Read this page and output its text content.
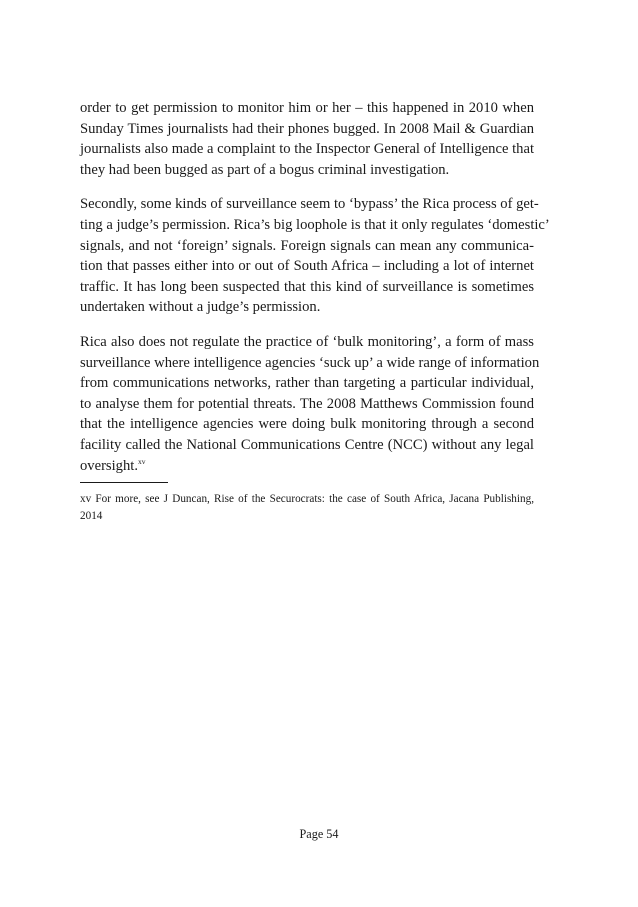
order to get permission to monitor him or her – this happened in 2010 when
Sunday Times journalists had their phones bugged. In 2008 Mail & Guardian
journalists also made a complaint to the Inspector General of Intelligence that
they had been bugged as part of a bogus criminal investigation.
Secondly, some kinds of surveillance seem to ‘bypass’ the Rica process of get-
ting a judge’s permission. Rica’s big loophole is that it only regulates ‘domestic’
signals, and not ‘foreign’ signals. Foreign signals can mean any communica-
tion that passes either into or out of South Africa – including a lot of internet
traffic. It has long been suspected that this kind of surveillance is sometimes
undertaken without a judge’s permission.
Rica also does not regulate the practice of ‘bulk monitoring’, a form of mass
surveillance where intelligence agencies ‘suck up’ a wide range of information
from communications networks, rather than targeting a particular individual,
to analyse them for potential threats. The 2008 Matthews Commission found
that the intelligence agencies were doing bulk monitoring through a second
facility called the National Communications Centre (NCC) without any legal
oversight.$^{xv}$
xv For more, see J Duncan, Rise of the Securocrats: the case of South Africa, Jacana Publishing,
2014
Page 54
